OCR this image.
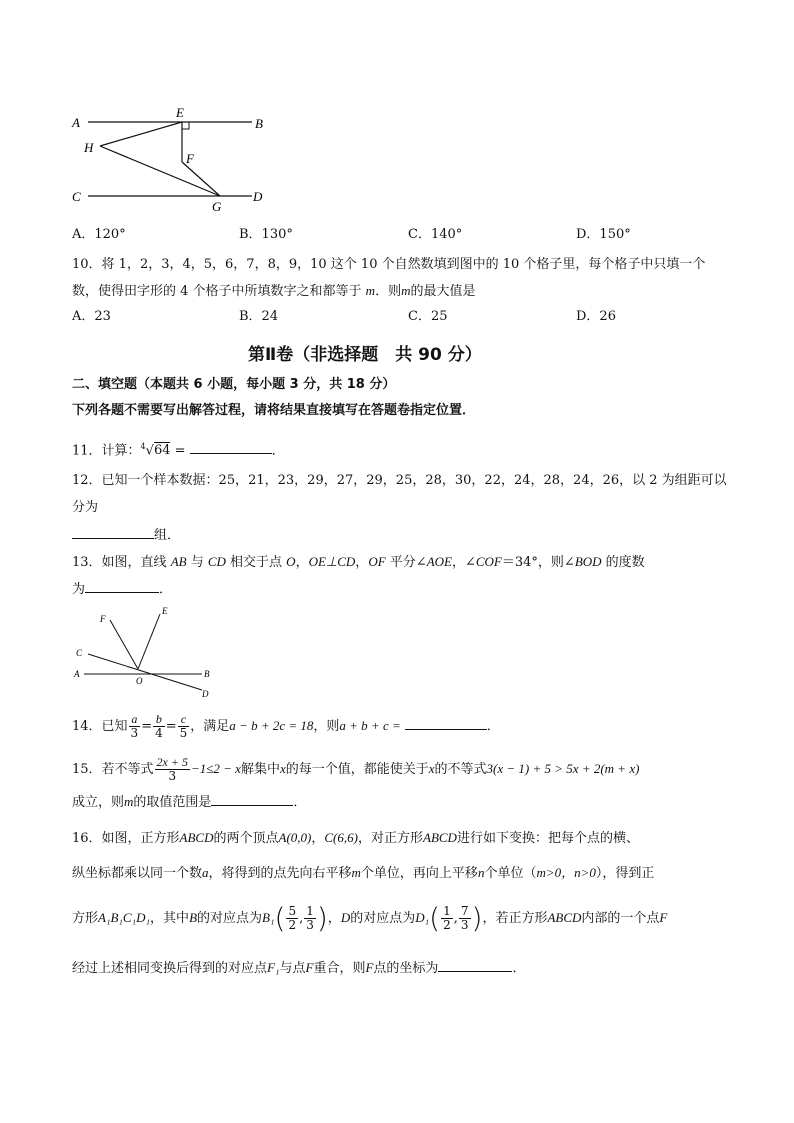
A	B
C	D
E
F
G
H
A．120°	B．130°	C．140°	D．150°
10．将 1，2，3，4，5，6，7，8，9，10 这个 10 个自然数填到图中的 10 个格子里，每个格子中只填一个
数，使得田字形的 4 个格子中所填数字之和都等于 m．则m的最大值是
A．23	B．24	C．25	D．26
第Ⅱ卷（非选择题　共 90 分）
二、填空题（本题共 6 小题，每小题 3 分，共 18 分）
下列各题不需要写出解答过程，请将结果直接填写在答题卷指定位置．
11．计算：$^4$√64 =	．
12．已知一个样本数据：25，21，23，29，27，29，25，28，30，22，24，28，24，26，以 2 为组距可以
分为
组．
13．如图，直线 AB 与 CD 相交于点 O，OE⊥CD，OF 平分∠AOE，∠COF＝34°，则∠BOD 的度数
为	．
F
E
C
A
O
B
D
14．已知 $\frac{a}{3} = \frac{b}{4} = \frac{c}{5}$ ，满足a − b + 2c = 18，则a + b + c =	．
15．若不等式 $\frac{2x + 5}{3} -1\le 2 - x$解集中x的每一个值，都能使关于x的不等式3(x − 1) + 5 > 5x + 2(m + x)
成立，则m的取值范围是	．
16．如图，正方形ABCD的两个顶点A(0,0)，C(6,6)，对正方形ABCD进行如下变换：把每个点的横、
纵坐标都乘以同一个数a，将得到的点先向右平移m个单位，再向上平移n个单位（m>0，n>0），得到正
方形A₁B₁C₁D₁，其中B的对应点为$B_1( \frac{5}{2}$ , $\frac{1}{3}$ )，D的对应点为$D_1( \frac{1}{2}$ , $\frac{7}{3}$ )，若正方形ABCD内部的一个点F
经过上述相同变换后得到的对应点F₁与点F重合，则F点的坐标为	．
